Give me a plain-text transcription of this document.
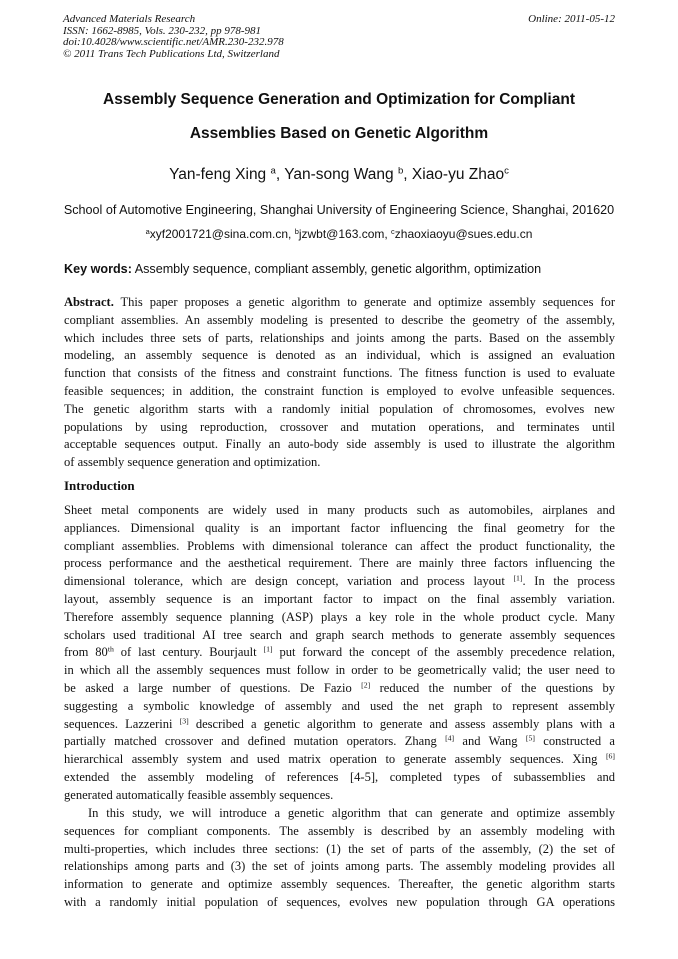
Advanced Materials Research
ISSN: 1662-8985, Vols. 230-232, pp 978-981
doi:10.4028/www.scientific.net/AMR.230-232.978
© 2011 Trans Tech Publications Ltd, Switzerland
Online: 2011-05-12
Assembly Sequence Generation and Optimization for Compliant
Assemblies Based on Genetic Algorithm
Yan-feng Xing $^a$, Yan-song Wang $^b$, Xiao-yu Zhao$^c$
School of Automotive Engineering, Shanghai University of Engineering Science, Shanghai, 201620
$^a$xyf2001721@sina.com.cn, $^b$jzwbt@163.com, $^c$zhaoxiaoyu@sues.edu.cn
Key words: Assembly sequence, compliant assembly, genetic algorithm, optimization
Abstract. This paper proposes a genetic algorithm to generate and optimize assembly sequences for
compliant assemblies. An assembly modeling is presented to describe the geometry of the assembly,
which includes three sets of parts, relationships and joints among the parts. Based on the assembly
modeling, an assembly sequence is denoted as an individual, which is assigned an evaluation
function that consists of the fitness and constraint functions. The fitness function is used to evaluate
feasible sequences; in addition, the constraint function is employed to evolve unfeasible sequences.
The genetic algorithm starts with a randomly initial population of chromosomes, evolves new
populations by using reproduction, crossover and mutation operations, and terminates until
acceptable sequences output. Finally an auto-body side assembly is used to illustrate the algorithm
of assembly sequence generation and optimization.
Introduction
Sheet metal components are widely used in many products such as automobiles, airplanes and
appliances. Dimensional quality is an important factor influencing the final geometry for the
compliant assemblies. Problems with dimensional tolerance can affect the product functionality, the
process performance and the aesthetical requirement. There are mainly three factors influencing the
dimensional tolerance, which are design concept, variation and process layout [1]. In the process
layout, assembly sequence is an important factor to impact on the final assembly variation.
Therefore assembly sequence planning (ASP) plays a key role in the whole product cycle. Many
scholars used traditional AI tree search and graph search methods to generate assembly sequences
from 80th of last century. Bourjault [1] put forward the concept of the assembly precedence relation,
in which all the assembly sequences must follow in order to be geometrically valid; the user need to
be asked a large number of questions. De Fazio [2] reduced the number of the questions by
suggesting a symbolic knowledge of assembly and used the net graph to represent assembly
sequences. Lazzerini [3] described a genetic algorithm to generate and assess assembly plans with a
partially matched crossover and defined mutation operators. Zhang [4] and Wang [5] constructed a
hierarchical assembly system and used matrix operation to generate assembly sequences. Xing [6]
extended the assembly modeling of references [4-5], completed types of subassemblies and
generated automatically feasible assembly sequences.
In this study, we will introduce a genetic algorithm that can generate and optimize assembly
sequences for compliant components. The assembly is described by an assembly modeling with
multi-properties, which includes three sections: (1) the set of parts of the assembly, (2) the set of
relationships among parts and (3) the set of joints among parts. The assembly modeling provides all
information to generate and optimize assembly sequences. Thereafter, the genetic algorithm starts
with a randomly initial population of sequences, evolves new population through GA operations
